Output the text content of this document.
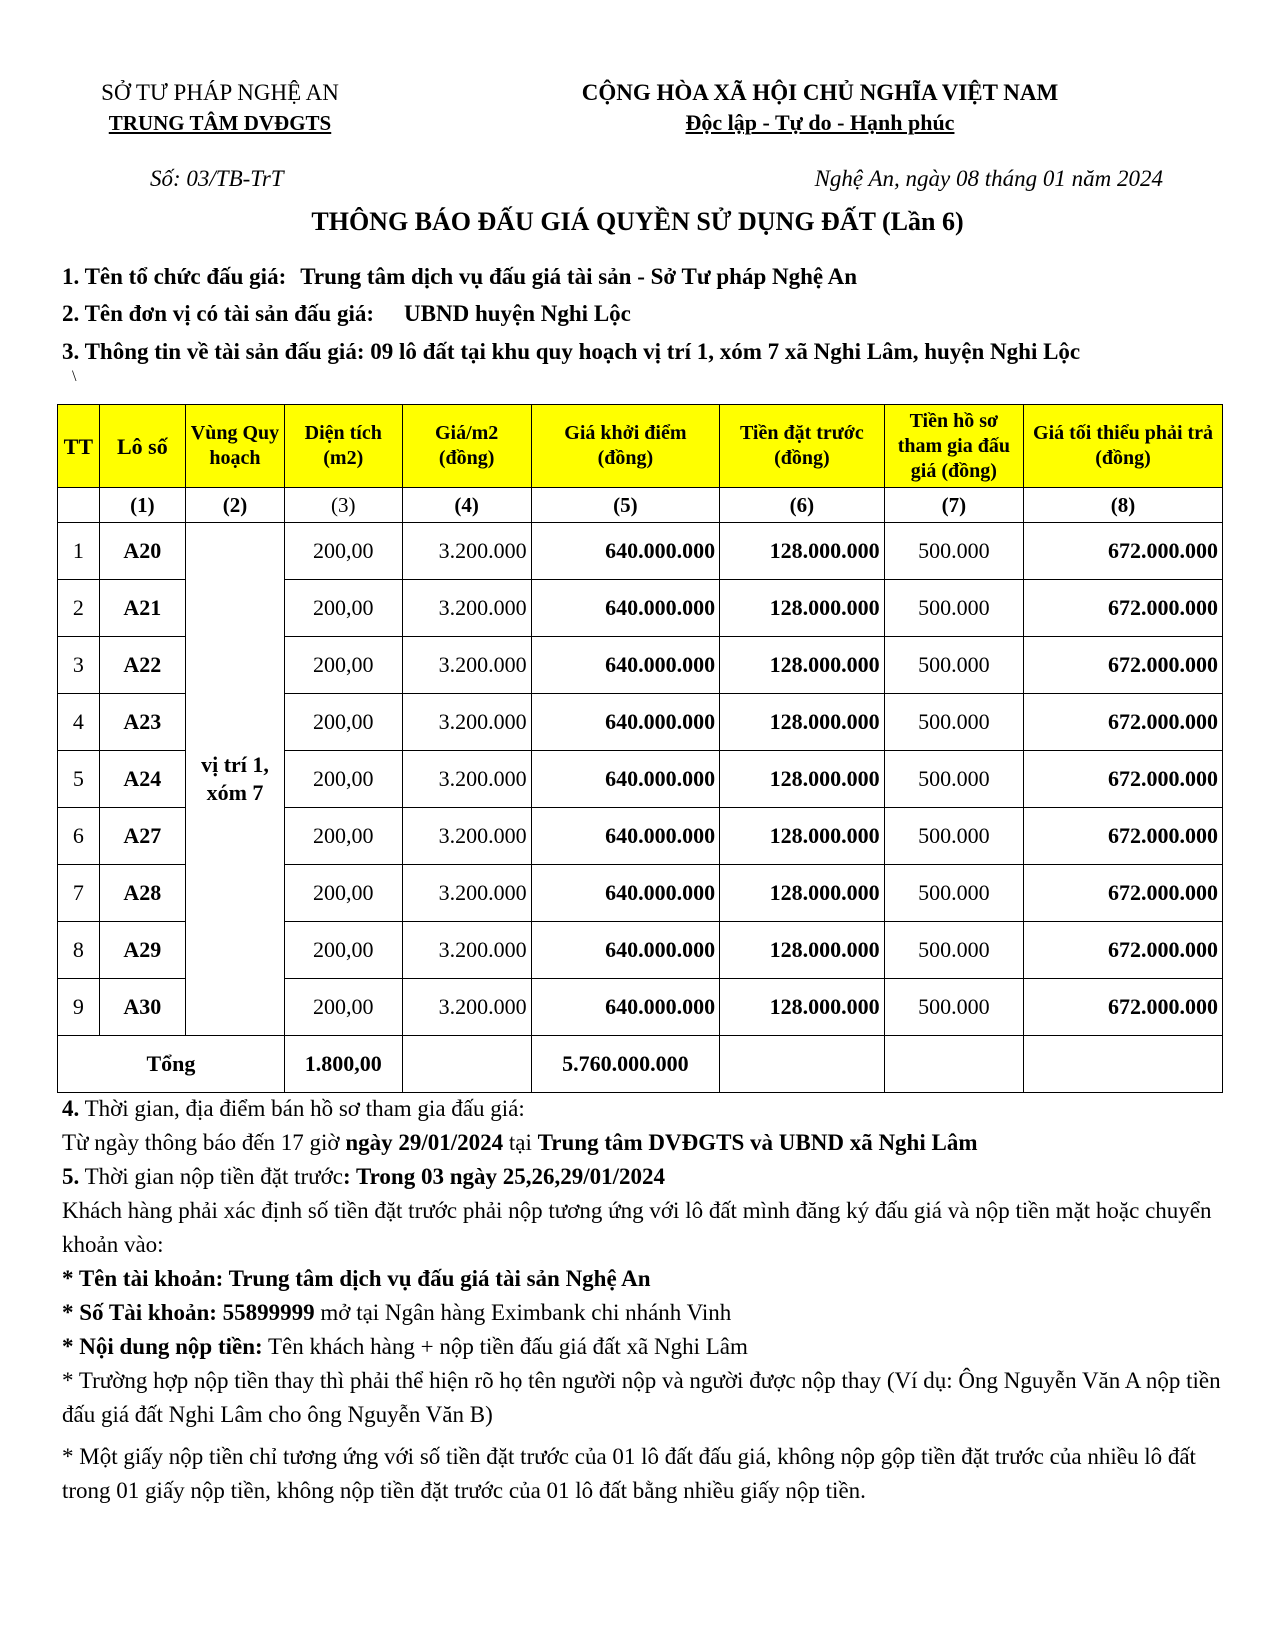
SỞ TƯ PHÁP NGHỆ AN
TRUNG TÂM DVĐGTS
CỘNG HÒA XÃ HỘI CHỦ NGHĨA VIỆT NAM
Độc lập - Tự do - Hạnh phúc
Số: 03/TB-TrT	Nghệ An, ngày 08 tháng 01 năm 2024
THÔNG BÁO ĐẤU GIÁ QUYỀN SỬ DỤNG ĐẤT (Lần 6)
1. Tên tổ chức đấu giá: Trung tâm dịch vụ đấu giá tài sản - Sở Tư pháp Nghệ An
2. Tên đơn vị có tài sản đấu giá: UBND huyện Nghi Lộc
3. Thông tin về tài sản đấu giá: 09 lô đất tại khu quy hoạch vị trí 1, xóm 7 xã Nghi Lâm, huyện Nghi Lộc
\
TT	Lô số	Vùng Quy hoạch	Diện tích (m2)	Giá/m2 (đồng)	Giá khởi điểm (đồng)	Tiền đặt trước (đồng)	Tiền hồ sơ tham gia đấu giá (đồng)	Giá tối thiểu phải trả (đồng)
	(1)	(2)	(3)	(4)	(5)	(6)	(7)	(8)
1	A20	vị trí 1, xóm 7	200,00	3.200.000	640.000.000	128.000.000	500.000	672.000.000
2	A21		200,00	3.200.000	640.000.000	128.000.000	500.000	672.000.000
3	A22		200,00	3.200.000	640.000.000	128.000.000	500.000	672.000.000
4	A23		200,00	3.200.000	640.000.000	128.000.000	500.000	672.000.000
5	A24		200,00	3.200.000	640.000.000	128.000.000	500.000	672.000.000
6	A27		200,00	3.200.000	640.000.000	128.000.000	500.000	672.000.000
7	A28		200,00	3.200.000	640.000.000	128.000.000	500.000	672.000.000
8	A29		200,00	3.200.000	640.000.000	128.000.000	500.000	672.000.000
9	A30		200,00	3.200.000	640.000.000	128.000.000	500.000	672.000.000
Tổng			1.800,00		5.760.000.000			

4. Thời gian, địa điểm bán hồ sơ tham gia đấu giá:

Từ ngày thông báo đến 17 giờ ngày 29/01/2024 tại Trung tâm DVĐGTS và UBND xã Nghi Lâm

5. Thời gian nộp tiền đặt trước: Trong 03 ngày 25,26,29/01/2024

Khách hàng phải xác định số tiền đặt trước phải nộp tương ứng với lô đất mình đăng ký đấu giá và nộp tiền mặt hoặc chuyển khoản vào:

* Tên tài khoản: Trung tâm dịch vụ đấu giá tài sản Nghệ An

* Số Tài khoản: 55899999 mở tại Ngân hàng Eximbank chi nhánh Vinh

* Nội dung nộp tiền: Tên khách hàng + nộp tiền đấu giá đất xã Nghi Lâm

* Trường hợp nộp tiền thay thì phải thể hiện rõ họ tên người nộp và người được nộp thay (Ví dụ: Ông Nguyễn Văn A nộp tiền đấu giá đất Nghi Lâm cho ông Nguyễn Văn B)

* Một giấy nộp tiền chỉ tương ứng với số tiền đặt trước của 01 lô đất đấu giá, không nộp gộp tiền đặt trước của nhiều lô đất trong 01 giấy nộp tiền, không nộp tiền đặt trước của 01 lô đất bằng nhiều giấy nộp tiền.
